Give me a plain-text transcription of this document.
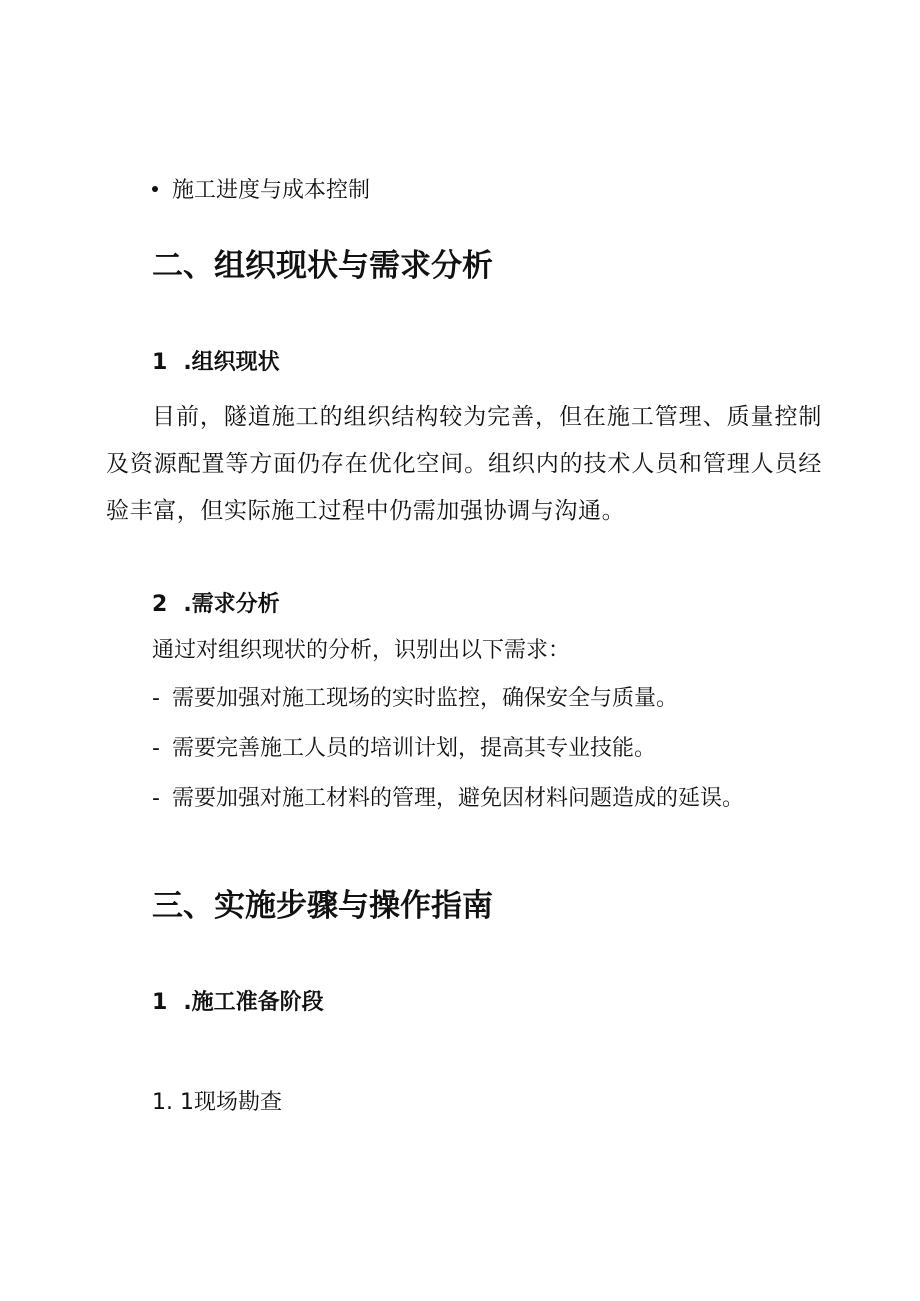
施工进度与成本控制
二、组织现状与需求分析
1 .组织现状
目前，隧道施工的组织结构较为完善，但在施工管理、质量控制及资源配置等方面仍存在优化空间。组织内的技术人员和管理人员经验丰富，但实际施工过程中仍需加强协调与沟通。
2 .需求分析
通过对组织现状的分析，识别出以下需求：
- 需要加强对施工现场的实时监控，确保安全与质量。
- 需要完善施工人员的培训计划，提高其专业技能。
- 需要加强对施工材料的管理，避免因材料问题造成的延误。
三、实施步骤与操作指南
1 .施工准备阶段
1. 1现场勘查
